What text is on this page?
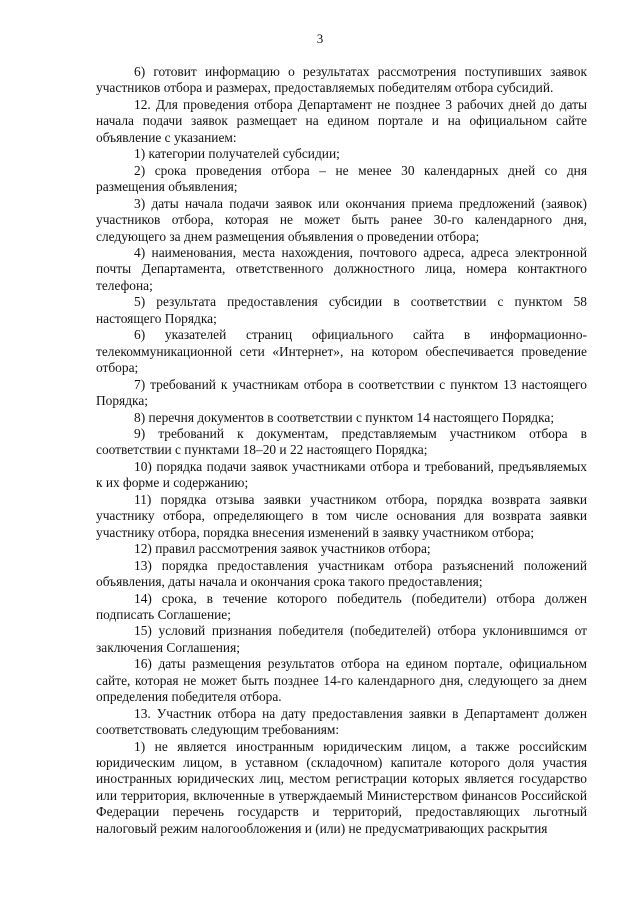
3

6) готовит информацию о результатах рассмотрения поступивших заявок участников отбора и размерах, предоставляемых победителям отбора субсидий.

12. Для проведения отбора Департамент не позднее 3 рабочих дней до даты начала подачи заявок размещает на едином портале и на официальном сайте объявление с указанием:

1) категории получателей субсидии;

2) срока проведения отбора – не менее 30 календарных дней со дня размещения объявления;

3) даты начала подачи заявок или окончания приема предложений (заявок) участников отбора, которая не может быть ранее 30-го календарного дня, следующего за днем размещения объявления о проведении отбора;

4) наименования, места нахождения, почтового адреса, адреса электронной почты Департамента, ответственного должностного лица, номера контактного телефона;

5) результата предоставления субсидии в соответствии с пунктом 58 настоящего Порядка;

6) указателей страниц официального сайта в информационно-телекоммуникационной сети «Интернет», на котором обеспечивается проведение отбора;

7) требований к участникам отбора в соответствии с пунктом 13 настоящего Порядка;

8) перечня документов в соответствии с пунктом 14 настоящего Порядка;

9) требований к документам, представляемым участником отбора в соответствии с пунктами 18–20 и 22 настоящего Порядка;

10) порядка подачи заявок участниками отбора и требований, предъявляемых к их форме и содержанию;

11) порядка отзыва заявки участником отбора, порядка возврата заявки участнику отбора, определяющего в том числе основания для возврата заявки участнику отбора, порядка внесения изменений в заявку участником отбора;

12) правил рассмотрения заявок участников отбора;

13) порядка предоставления участникам отбора разъяснений положений объявления, даты начала и окончания срока такого предоставления;

14) срока, в течение которого победитель (победители) отбора должен подписать Соглашение;

15) условий признания победителя (победителей) отбора уклонившимся от заключения Соглашения;

16) даты размещения результатов отбора на едином портале, официальном сайте, которая не может быть позднее 14-го календарного дня, следующего за днем определения победителя отбора.

13. Участник отбора на дату предоставления заявки в Департамент должен соответствовать следующим требованиям:

1) не является иностранным юридическим лицом, а также российским юридическим лицом, в уставном (складочном) капитале которого доля участия иностранных юридических лиц, местом регистрации которых является государство или территория, включенные в утверждаемый Министерством финансов Российской Федерации перечень государств и территорий, предоставляющих льготный налоговый режим налогообложения и (или) не предусматривающих раскрытия
